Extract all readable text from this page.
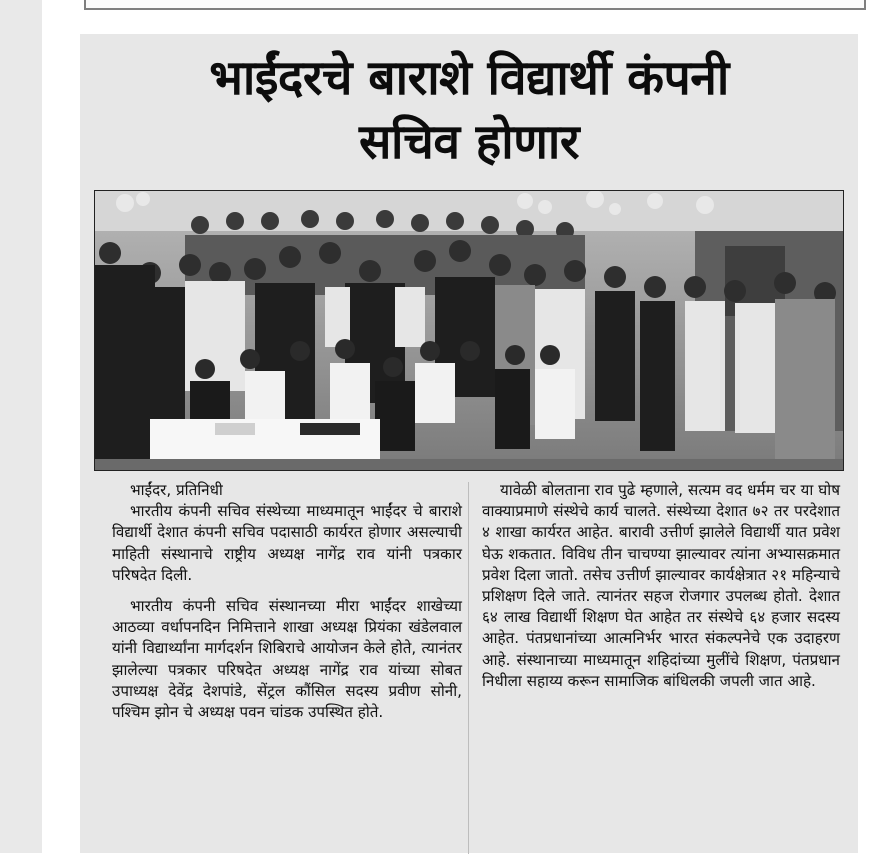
भाईंदरचे बाराशे विद्यार्थी कंपनी
सचिव होणार

भाईंदर, प्रतिनिधी

भारतीय कंपनी सचिव संस्थेच्या माध्यमातून भाईंदर चे बाराशे विद्यार्थी देशात कंपनी सचिव पदासाठी कार्यरत होणार असल्याची माहिती संस्थानाचे राष्ट्रीय अध्यक्ष नागेंद्र राव यांनी पत्रकार परिषदेत दिली.

भारतीय कंपनी सचिव संस्थानच्या मीरा भाईंदर शाखेच्या आठव्या वर्धापनदिन निमित्ताने शाखा अध्यक्ष प्रियंका खंडेलवाल यांनी विद्यार्थ्यांना मार्गदर्शन शिबिराचे आयोजन केले होते, त्यानंतर झालेल्या पत्रकार परिषदेत अध्यक्ष नागेंद्र राव यांच्या सोबत उपाध्यक्ष देवेंद्र देशपांडे, सेंट्रल कौंसिल सदस्य प्रवीण सोनी, पश्चिम झोन चे अध्यक्ष पवन चांडक उपस्थित होते.

यावेळी बोलताना राव पुढे म्हणाले, सत्यम वद धर्मम चर या घोष वाक्याप्रमाणे संस्थेचे कार्य चालते. संस्थेच्या देशात ७२ तर परदेशात ४ शाखा कार्यरत आहेत. बारावी उत्तीर्ण झालेले विद्यार्थी यात प्रवेश घेऊ शकतात. विविध तीन चाचण्या झाल्यावर त्यांना अभ्यासक्रमात प्रवेश दिला जातो. तसेच उत्तीर्ण झाल्यावर कार्यक्षेत्रात २१ महिन्याचे प्रशिक्षण दिले जाते. त्यानंतर सहज रोजगार उपलब्ध होतो. देशात ६४ लाख विद्यार्थी शिक्षण घेत आहेत तर संस्थेचे ६४ हजार सदस्य आहेत. पंतप्रधानांच्या आत्मनिर्भर भारत संकल्पनेचे एक उदाहरण आहे. संस्थानाच्या माध्यमातून शहिदांच्या मुलींचे शिक्षण, पंतप्रधान निधीला सहाय्य करून सामाजिक बांधिलकी जपली जात आहे.
